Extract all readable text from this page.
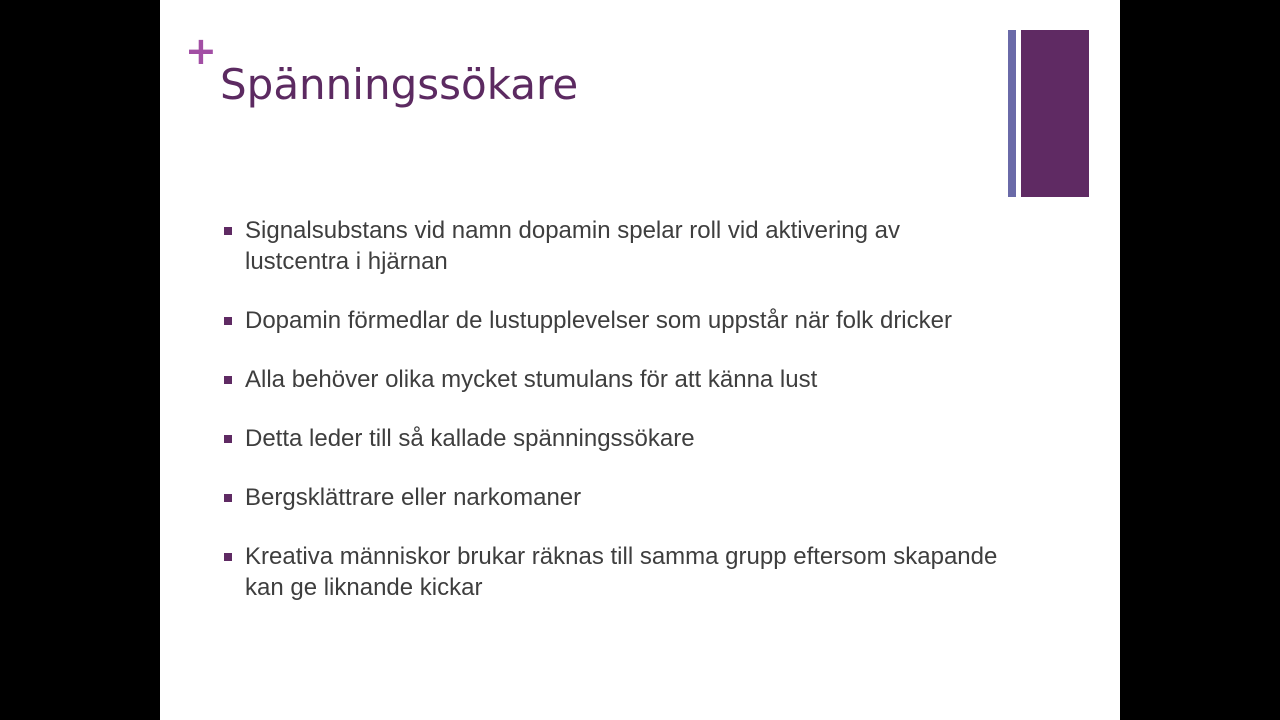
+
Spänningssökare
Signalsubstans vid namn dopamin spelar roll vid aktivering av lustcentra i hjärnan
Dopamin förmedlar de lustupplevelser som uppstår när folk dricker
Alla behöver olika mycket stumulans för att känna lust
Detta leder till så kallade spänningssökare
Bergsklättrare eller narkomaner
Kreativa människor brukar räknas till samma grupp eftersom skapande kan ge liknande kickar
